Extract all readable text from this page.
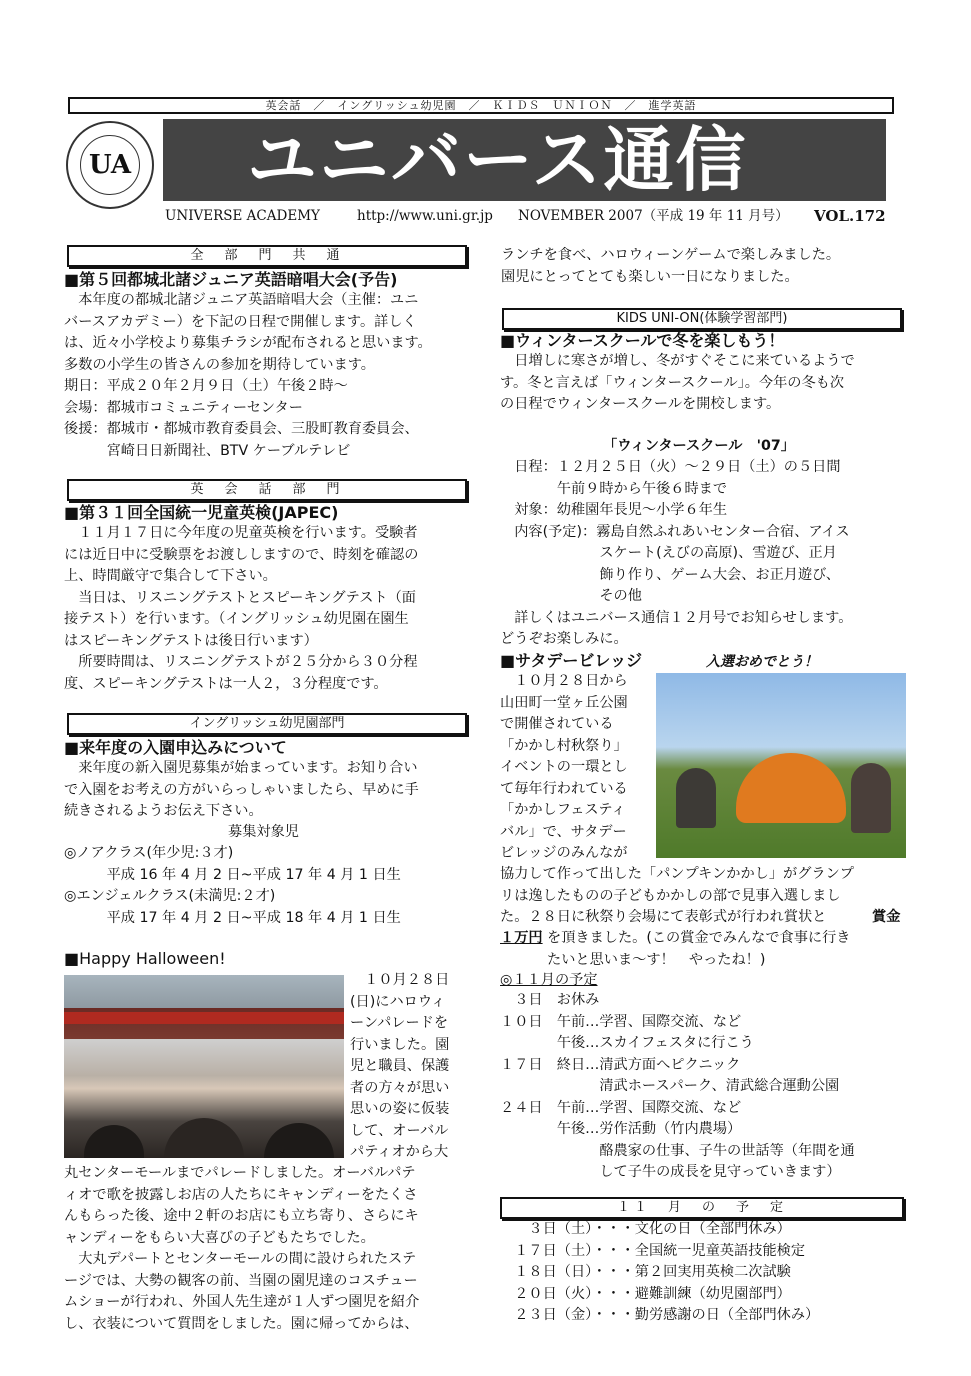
英会話　／　イングリッシュ幼児園　／　ＫＩＤＳ　ＵＮＩＯＮ　／　進学英語
UA ユニバース通信
UNIVERSE ACADEMY	http://www.uni.gr.jp NOVEMBER 2007（平成 19 年 11 月号） VOL.172
全　部　門　共　通
■第５回都城北諸ジュニア英語暗唱大会(予告)
　本年度の都城北諸ジュニア英語暗唱大会（主催：ユニ
バースアカデミー）を下記の日程で開催します。詳しく
は、近々小学校より募集チラシが配布されると思います。
多数の小学生の皆さんの参加を期待しています。
期日：平成２０年２月９日（土）午後２時～
会場：都城市コミュニティーセンター
後援：都城市・都城市教育委員会、三股町教育委員会、
　　　宮崎日日新聞社、BTV ケーブルテレビ
英　会　話　部　門
■第３１回全国統一児童英検(JAPEC)
　１１月１７日に今年度の児童英検を行います。受験者
には近日中に受験票をお渡ししますので、時刻を確認の
上、時間厳守で集合して下さい。
　当日は、リスニングテストとスピーキングテスト（面
接テスト）を行います。（イングリッシュ幼児園在園生
はスピーキングテストは後日行います）
　所要時間は、リスニングテストが２５分から３０分程
度、スピーキングテストは一人２，３分程度です。
イングリッシュ幼児園部門
■来年度の入園申込みについて
　来年度の新入園児募集が始まっています。お知り合い
で入園をお考えの方がいらっしゃいましたら、早めに手
続きされるようお伝え下さい。
募集対象児
◎ノアクラス(年少児:３才)
　　　平成 16 年 4 月 2 日~平成 17 年 4 月 1 日生
◎エンジェルクラス(未満児:２才)
　　　平成 17 年 4 月 2 日~平成 18 年 4 月 1 日生
■Happy Halloween!
　１０月２８日
(日)にハロウィ
ーンパレードを
行いました。園
児と職員、保護
者の方々が思い
思いの姿に仮装
して、オーバル
パティオから大
丸センターモールまでパレードしました。オーバルパテ
ィオで歌を披露しお店の人たちにキャンディーをたくさ
んもらった後、途中２軒のお店にも立ち寄り、さらにキ
ャンディーをもらい大喜びの子どもたちでした。
　大丸デパートとセンターモールの間に設けられたステ
ージでは、大勢の観客の前、当園の園児達のコスチュー
ムショーが行われ、外国人先生達が１人ずつ園児を紹介
し、衣装について質問をしました。園に帰ってからは、
ランチを食べ、ハロウィーンゲームで楽しみました。
園児にとってとても楽しい一日になりました。
KIDS UNI-ON(体験学習部門)
■ウィンタースクールで冬を楽しもう！
　日増しに寒さが増し、冬がすぐそこに来ているようで
す。冬と言えば「ウィンタースクール」。今年の冬も次
の日程でウィンタースクールを開校します。
「ウィンタースクール　'07」
　日程：１２月２５日（火）～２９日（土）の５日間
　　　　午前９時から午後６時まで
　対象：幼稚園年長児～小学６年生
　内容(予定)：霧島自然ふれあいセンター合宿、アイス
　　　　　　　スケート(えびの高原)、雪遊び、正月
　　　　　　　飾り作り、ゲーム大会、お正月遊び、
　　　　　　　その他
　詳しくはユニバース通信１２月号でお知らせします。
どうぞお楽しみに。
■サタデービレッジ	入選おめでとう！
　１０月２８日から
山田町一堂ヶ丘公園
で開催されている
「かかし村秋祭り」
イベントの一環とし
て毎年行われている
「かかしフェスティ
バル」で、サタデー
ビレッジのみんなが
協力して作って出した「パンプキンかかし」がグランプ
リは逸したものの子どもかかしの部で見事入選しまし
た。２８日に秋祭り会場にて表彰式が行われ賞状と	賞金
１万円 を頂きました。(この賞金でみんなで食事に行き
たいと思いま～す！　やったね！)
◎１１月の予定
　３日　お休み
１０日　午前…学習、国際交流、など
　　　　午後…スカイフェスタに行こう
１７日　終日…清武方面へピクニック
　　　　　　　清武ホースパーク、清武総合運動公園
２４日　午前…学習、国際交流、など
　　　　午後…労作活動（竹内農場）
　　　　　　　酪農家の仕事、子牛の世話等（年間を通
　　　　　　　して子牛の成長を見守っていきます）
１１　月　の　予　定
　　３日（土）・・・文化の日（全部門休み）
　１７日（土）・・・全国統一児童英語技能検定
　１８日（日）・・・第２回実用英検二次試験
　２０日（火）・・・避難訓練（幼児園部門）
　２３日（金）・・・勤労感謝の日（全部門休み）
